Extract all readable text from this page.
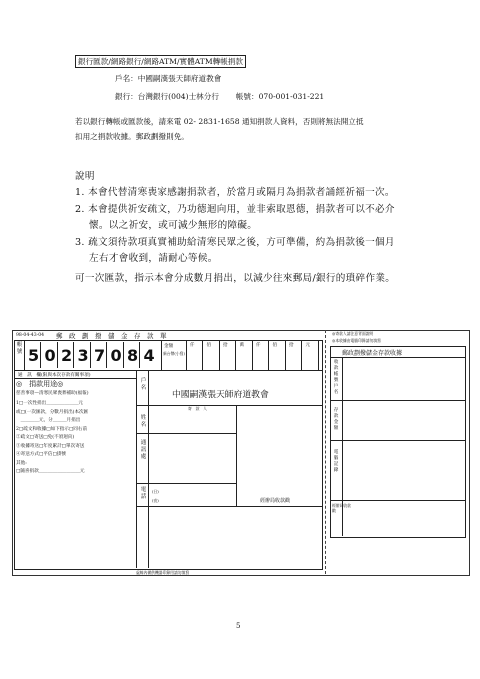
銀行匯款/網路銀行/網路ATM/實體ATM轉帳捐款
戶名：中國嗣漢張天師府道教會
銀行：台灣銀行(004)士林分行 帳號：070-001-031-221
若以銀行轉帳或匯款後，請來電 02- 2831-1658 通知捐款人資料，否則將無法開立抵
扣用之捐款收據。郵政劃撥則免。
說明
1. 本會代替清寒喪家感謝捐款者，於當月或隔月為捐款者誦經祈福一次。
2. 本會提供祈安疏文，乃功德迴向用，並非索取恩德，捐款者可以不必介
懷。以之祈安，或可減少無形的障礙。
3. 疏文須待款項真實補助給清寒民眾之後，方可準備，約為捐款後一個月
左右才會收到，請耐心等候。
可一次匯款，指示本會分成數月捐出，以減少往來郵局/銀行的瑣碎作業。
98-04-43-04 郵　政　劃　撥　儲　金　存　款　單	◎寄款人請注意背面說明
◎本收據由電腦印錄請勿填寫
帳號 5 0 2 3 7 0 8 4 金額
新台幣(小寫)
仟	佰	拾	萬	仟	佰	拾	元
通　訊　欄(限與本次存款有關事項)
◎　捐款用途◎
慈善事項—清寒民眾喪葬補助(福報)
1□一次性捐出＿＿＿＿＿＿＿元
或□(一次匯款，分數月捐出)本次匯
　＿＿＿＿元，分＿＿＿月捐出
2□疏文和收據□如下指示□同右前
②疏文□寄送□免(不須迴向)
③收據寄送□年度累計□單次寄送
④寄送方式□平信□掛號
其他:
□隨喜捐款＿＿＿＿＿＿＿＿＿元
戶名
中國嗣漢張天師府道教會
寄　款　人
姓名
通訊處
電話
(日)
(夜)	經辦局收款戳
虛線內備供機器印錄用請勿填寫
郵政劃撥儲金存款收據
收款帳號戶名
存款金額
電腦記錄
經辦局收款戳
5
